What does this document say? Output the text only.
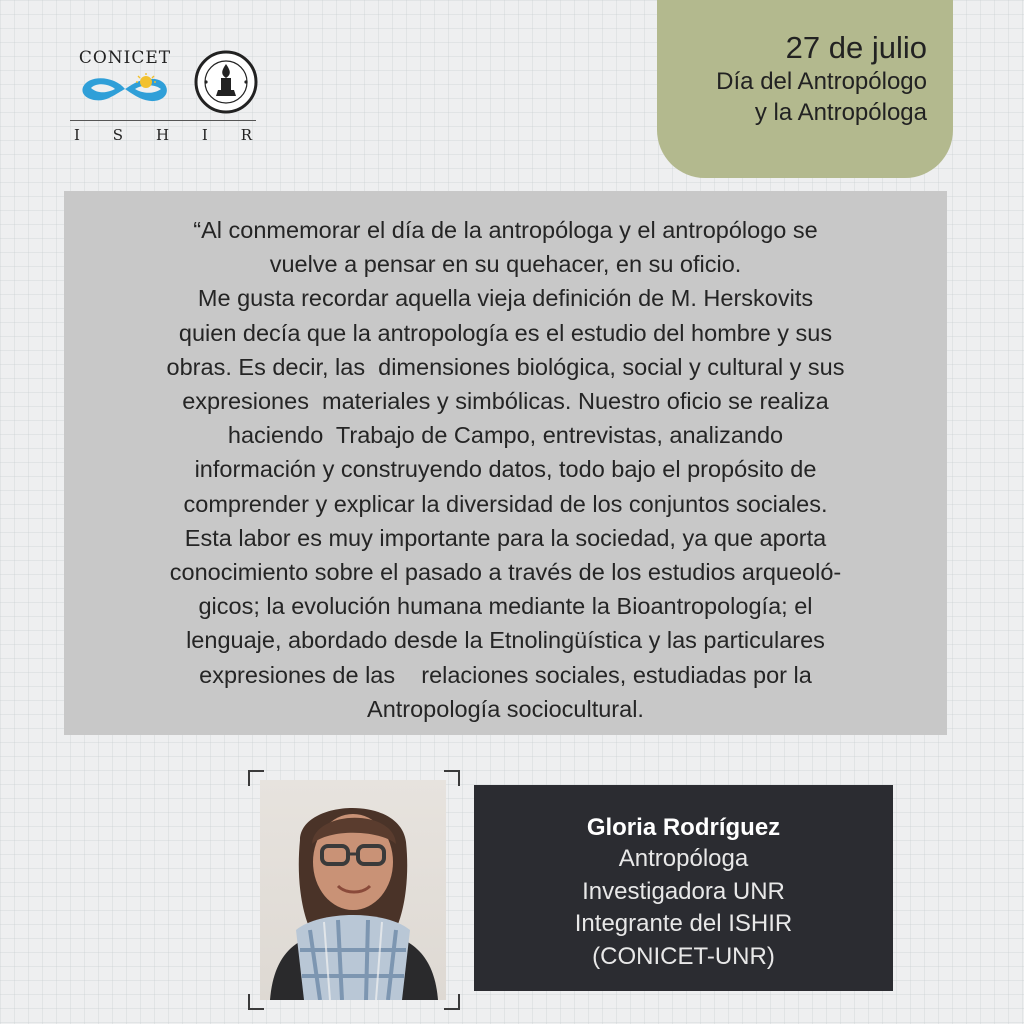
CONICET
I S H I R
27 de julio
Día del Antropólogo
y la Antropóloga

“Al conmemorar el día de la antropóloga y el antropólogo se

vuelve a pensar en su quehacer, en su oficio.

Me gusta recordar aquella vieja definición de M. Herskovits

quien decía que la antropología es el estudio del hombre y sus

obras. Es decir, las  dimensiones biológica, social y cultural y sus

expresiones  materiales y simbólicas. Nuestro oficio se realiza

haciendo  Trabajo de Campo, entrevistas, analizando

información y construyendo datos, todo bajo el propósito de

comprender y explicar la diversidad de los conjuntos sociales.

Esta labor es muy importante para la sociedad, ya que aporta

conocimiento sobre el pasado a través de los estudios arqueoló-

gicos; la evolución humana mediante la Bioantropología; el

lenguaje, abordado desde la Etnolingüística y las particulares

expresiones de las    relaciones sociales, estudiadas por la

Antropología sociocultural.

Gloria Rodríguez
Antropóloga
Investigadora UNR
Integrante del ISHIR
(CONICET-UNR)
